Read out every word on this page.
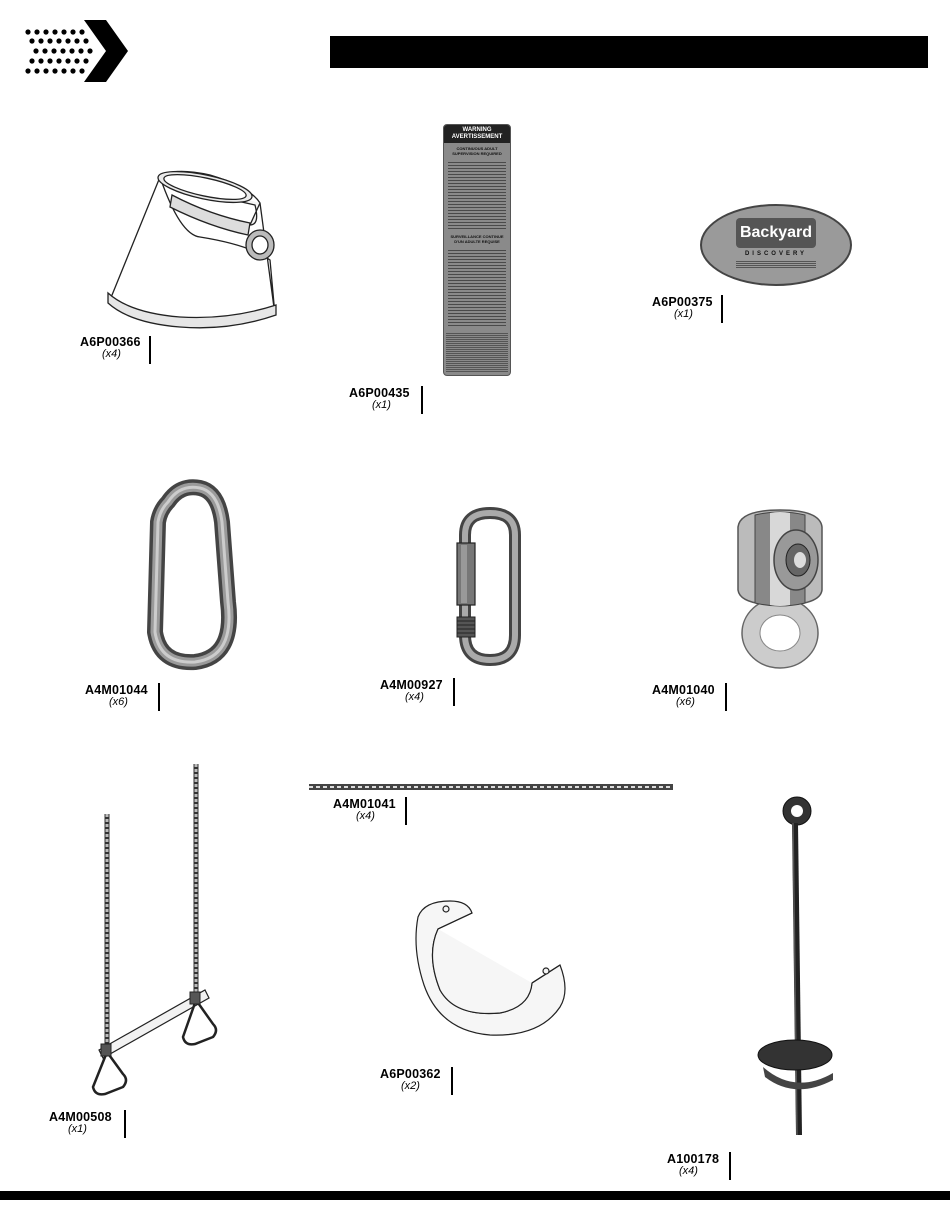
A6P00366
(x4)
WARNING
AVERTISSEMENT
CONTINUOUS ADULT
SUPERVISION REQUIRED
SURVEILLANCE CONTINUE
D'UN ADULTE REQUISE
A6P00435
(x1)
Backyard
DISCOVERY
A6P00375
(x1)
A4M01044
(x6)
A4M00927
(x4)	A4M01040
(x6)
A4M00508
(x1)
A4M01041
(x4)
A6P00362
(x2)
A100178
(x4)
